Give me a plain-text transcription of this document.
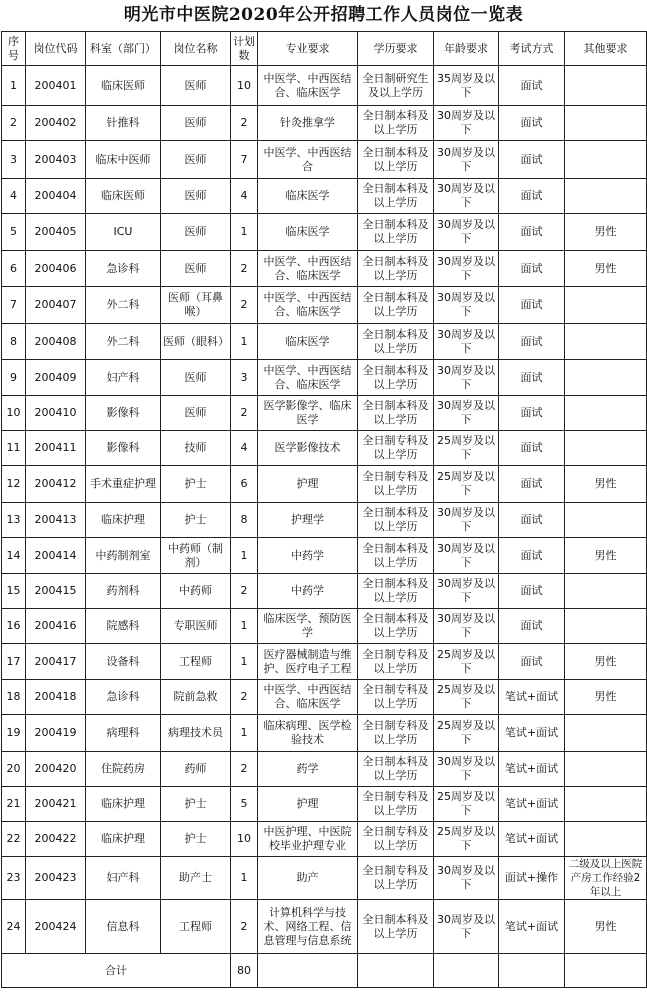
明光市中医院2020年公开招聘工作人员岗位一览表
序号	岗位代码	科室（部门）	岗位名称	计划数	专业要求	学历要求	年龄要求	考试方式	其他要求
1	200401	临床医师	医师	10	中医学、中西医结合、临床医学	全日制研究生及以上学历	35周岁及以下	面试	
2	200402	针推科	医师	2	针灸推拿学	全日制本科及以上学历	30周岁及以下	面试	
3	200403	临床中医师	医师	7	中医学、中西医结合	全日制本科及以上学历	30周岁及以下	面试	
4	200404	临床医师	医师	4	临床医学	全日制本科及以上学历	30周岁及以下	面试	
5	200405	ICU	医师	1	临床医学	全日制本科及以上学历	30周岁及以下	面试	男性
6	200406	急诊科	医师	2	中医学、中西医结合、临床医学	全日制本科及以上学历	30周岁及以下	面试	男性
7	200407	外二科	医师（耳鼻喉）	2	中医学、中西医结合、临床医学	全日制本科及以上学历	30周岁及以下	面试	
8	200408	外二科	医师（眼科）	1	临床医学	全日制本科及以上学历	30周岁及以下	面试	
9	200409	妇产科	医师	3	中医学、中西医结合、临床医学	全日制本科及以上学历	30周岁及以下	面试	
10	200410	影像科	医师	2	医学影像学、临床医学	全日制本科及以上学历	30周岁及以下	面试	
11	200411	影像科	技师	4	医学影像技术	全日制专科及以上学历	25周岁及以下	面试	
12	200412	手术重症护理	护士	6	护理	全日制专科及以上学历	25周岁及以下	面试	男性
13	200413	临床护理	护士	8	护理学	全日制本科及以上学历	30周岁及以下	面试	
14	200414	中药制剂室	中药师（制剂）	1	中药学	全日制本科及以上学历	30周岁及以下	面试	男性
15	200415	药剂科	中药师	2	中药学	全日制本科及以上学历	30周岁及以下	面试	
16	200416	院感科	专职医师	1	临床医学、预防医学	全日制本科及以上学历	30周岁及以下	面试	
17	200417	设备科	工程师	1	医疗器械制造与维护、医疗电子工程	全日制专科及以上学历	25周岁及以下	面试	男性
18	200418	急诊科	院前急救	2	中医学、中西医结合、临床医学	全日制专科及以上学历	25周岁及以下	笔试+面试	男性
19	200419	病理科	病理技术员	1	临床病理、医学检验技术	全日制专科及以上学历	25周岁及以下	笔试+面试	
20	200420	住院药房	药师	2	药学	全日制本科及以上学历	30周岁及以下	笔试+面试	
21	200421	临床护理	护士	5	护理	全日制专科及以上学历	25周岁及以下	笔试+面试	
22	200422	临床护理	护士	10	中医护理、中医院校毕业护理专业	全日制专科及以上学历	25周岁及以下	笔试+面试	
23	200423	妇产科	助产士	1	助产	全日制专科及以上学历	30周岁及以下	面试+操作	二级及以上医院产房工作经验2年以上
24	200424	信息科	工程师	2	计算机科学与技术、网络工程、信息管理与信息系统	全日制本科及以上学历	30周岁及以下	笔试+面试	男性
合计				80					
